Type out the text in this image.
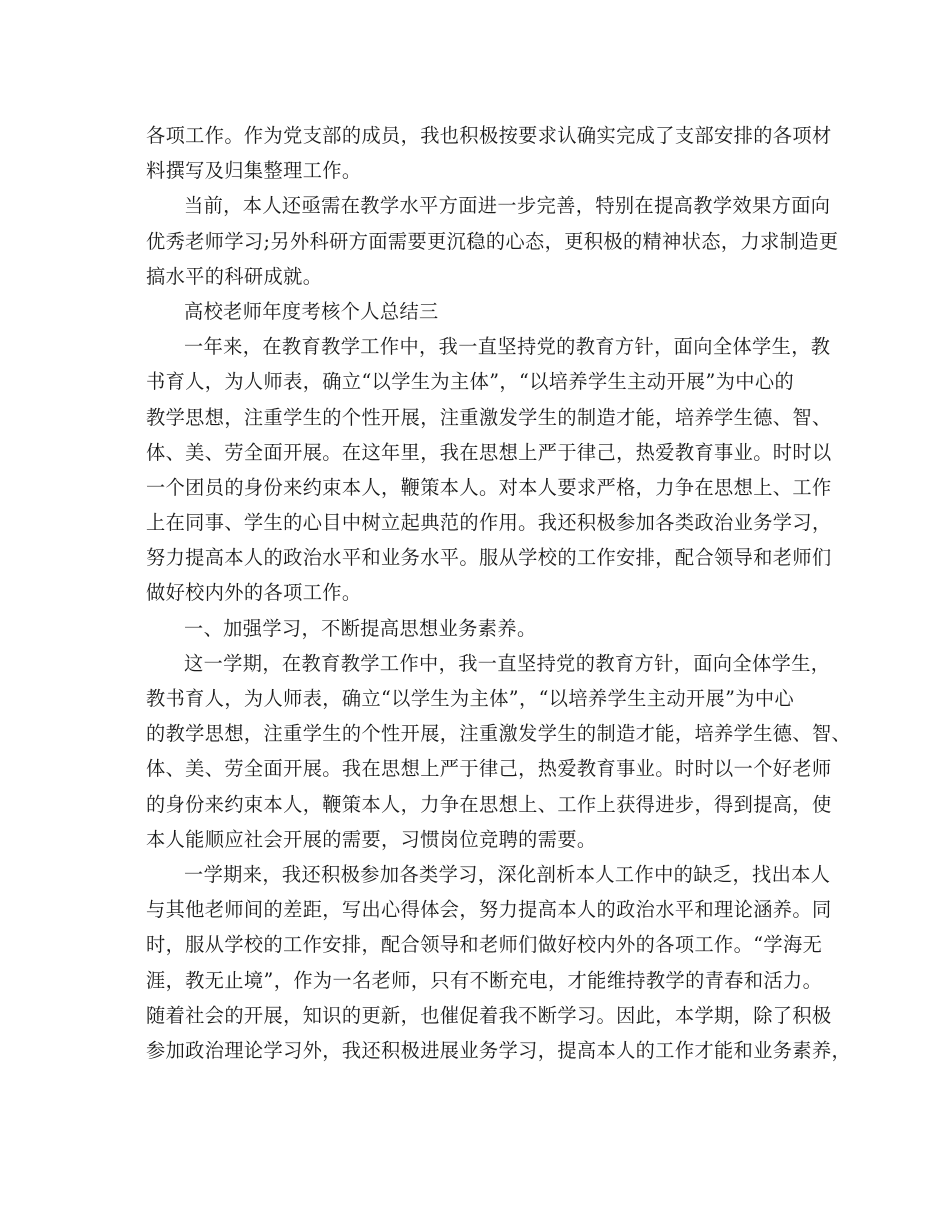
各项工作。作为党支部的成员，我也积极按要求认确实完成了支部安排的各项材
料撰写及归集整理工作。
当前，本人还亟需在教学水平方面进一步完善，特别在提高教学效果方面向
优秀老师学习;另外科研方面需要更沉稳的心态，更积极的精神状态，力求制造更
搞水平的科研成就。
高校老师年度考核个人总结三
一年来，在教育教学工作中，我一直坚持党的教育方针，面向全体学生，教
书育人，为人师表，确立“以学生为主体”，“以培养学生主动开展”为中心的
教学思想，注重学生的个性开展，注重激发学生的制造才能，培养学生德、智、
体、美、劳全面开展。在这年里，我在思想上严于律己，热爱教育事业。时时以
一个团员的身份来约束本人，鞭策本人。对本人要求严格，力争在思想上、工作
上在同事、学生的心目中树立起典范的作用。我还积极参加各类政治业务学习，
努力提高本人的政治水平和业务水平。服从学校的工作安排，配合领导和老师们
做好校内外的各项工作。
一、加强学习，不断提高思想业务素养。
这一学期，在教育教学工作中，我一直坚持党的教育方针，面向全体学生，
教书育人，为人师表，确立“以学生为主体”，“以培养学生主动开展”为中心
的教学思想，注重学生的个性开展，注重激发学生的制造才能，培养学生德、智、
体、美、劳全面开展。我在思想上严于律己，热爱教育事业。时时以一个好老师
的身份来约束本人，鞭策本人，力争在思想上、工作上获得进步，得到提高，使
本人能顺应社会开展的需要，习惯岗位竞聘的需要。
一学期来，我还积极参加各类学习，深化剖析本人工作中的缺乏，找出本人
与其他老师间的差距，写出心得体会，努力提高本人的政治水平和理论涵养。同
时，服从学校的工作安排，配合领导和老师们做好校内外的各项工作。“学海无
涯，教无止境”，作为一名老师，只有不断充电，才能维持教学的青春和活力。
随着社会的开展，知识的更新，也催促着我不断学习。因此，本学期，除了积极
参加政治理论学习外，我还积极进展业务学习，提高本人的工作才能和业务素养，
